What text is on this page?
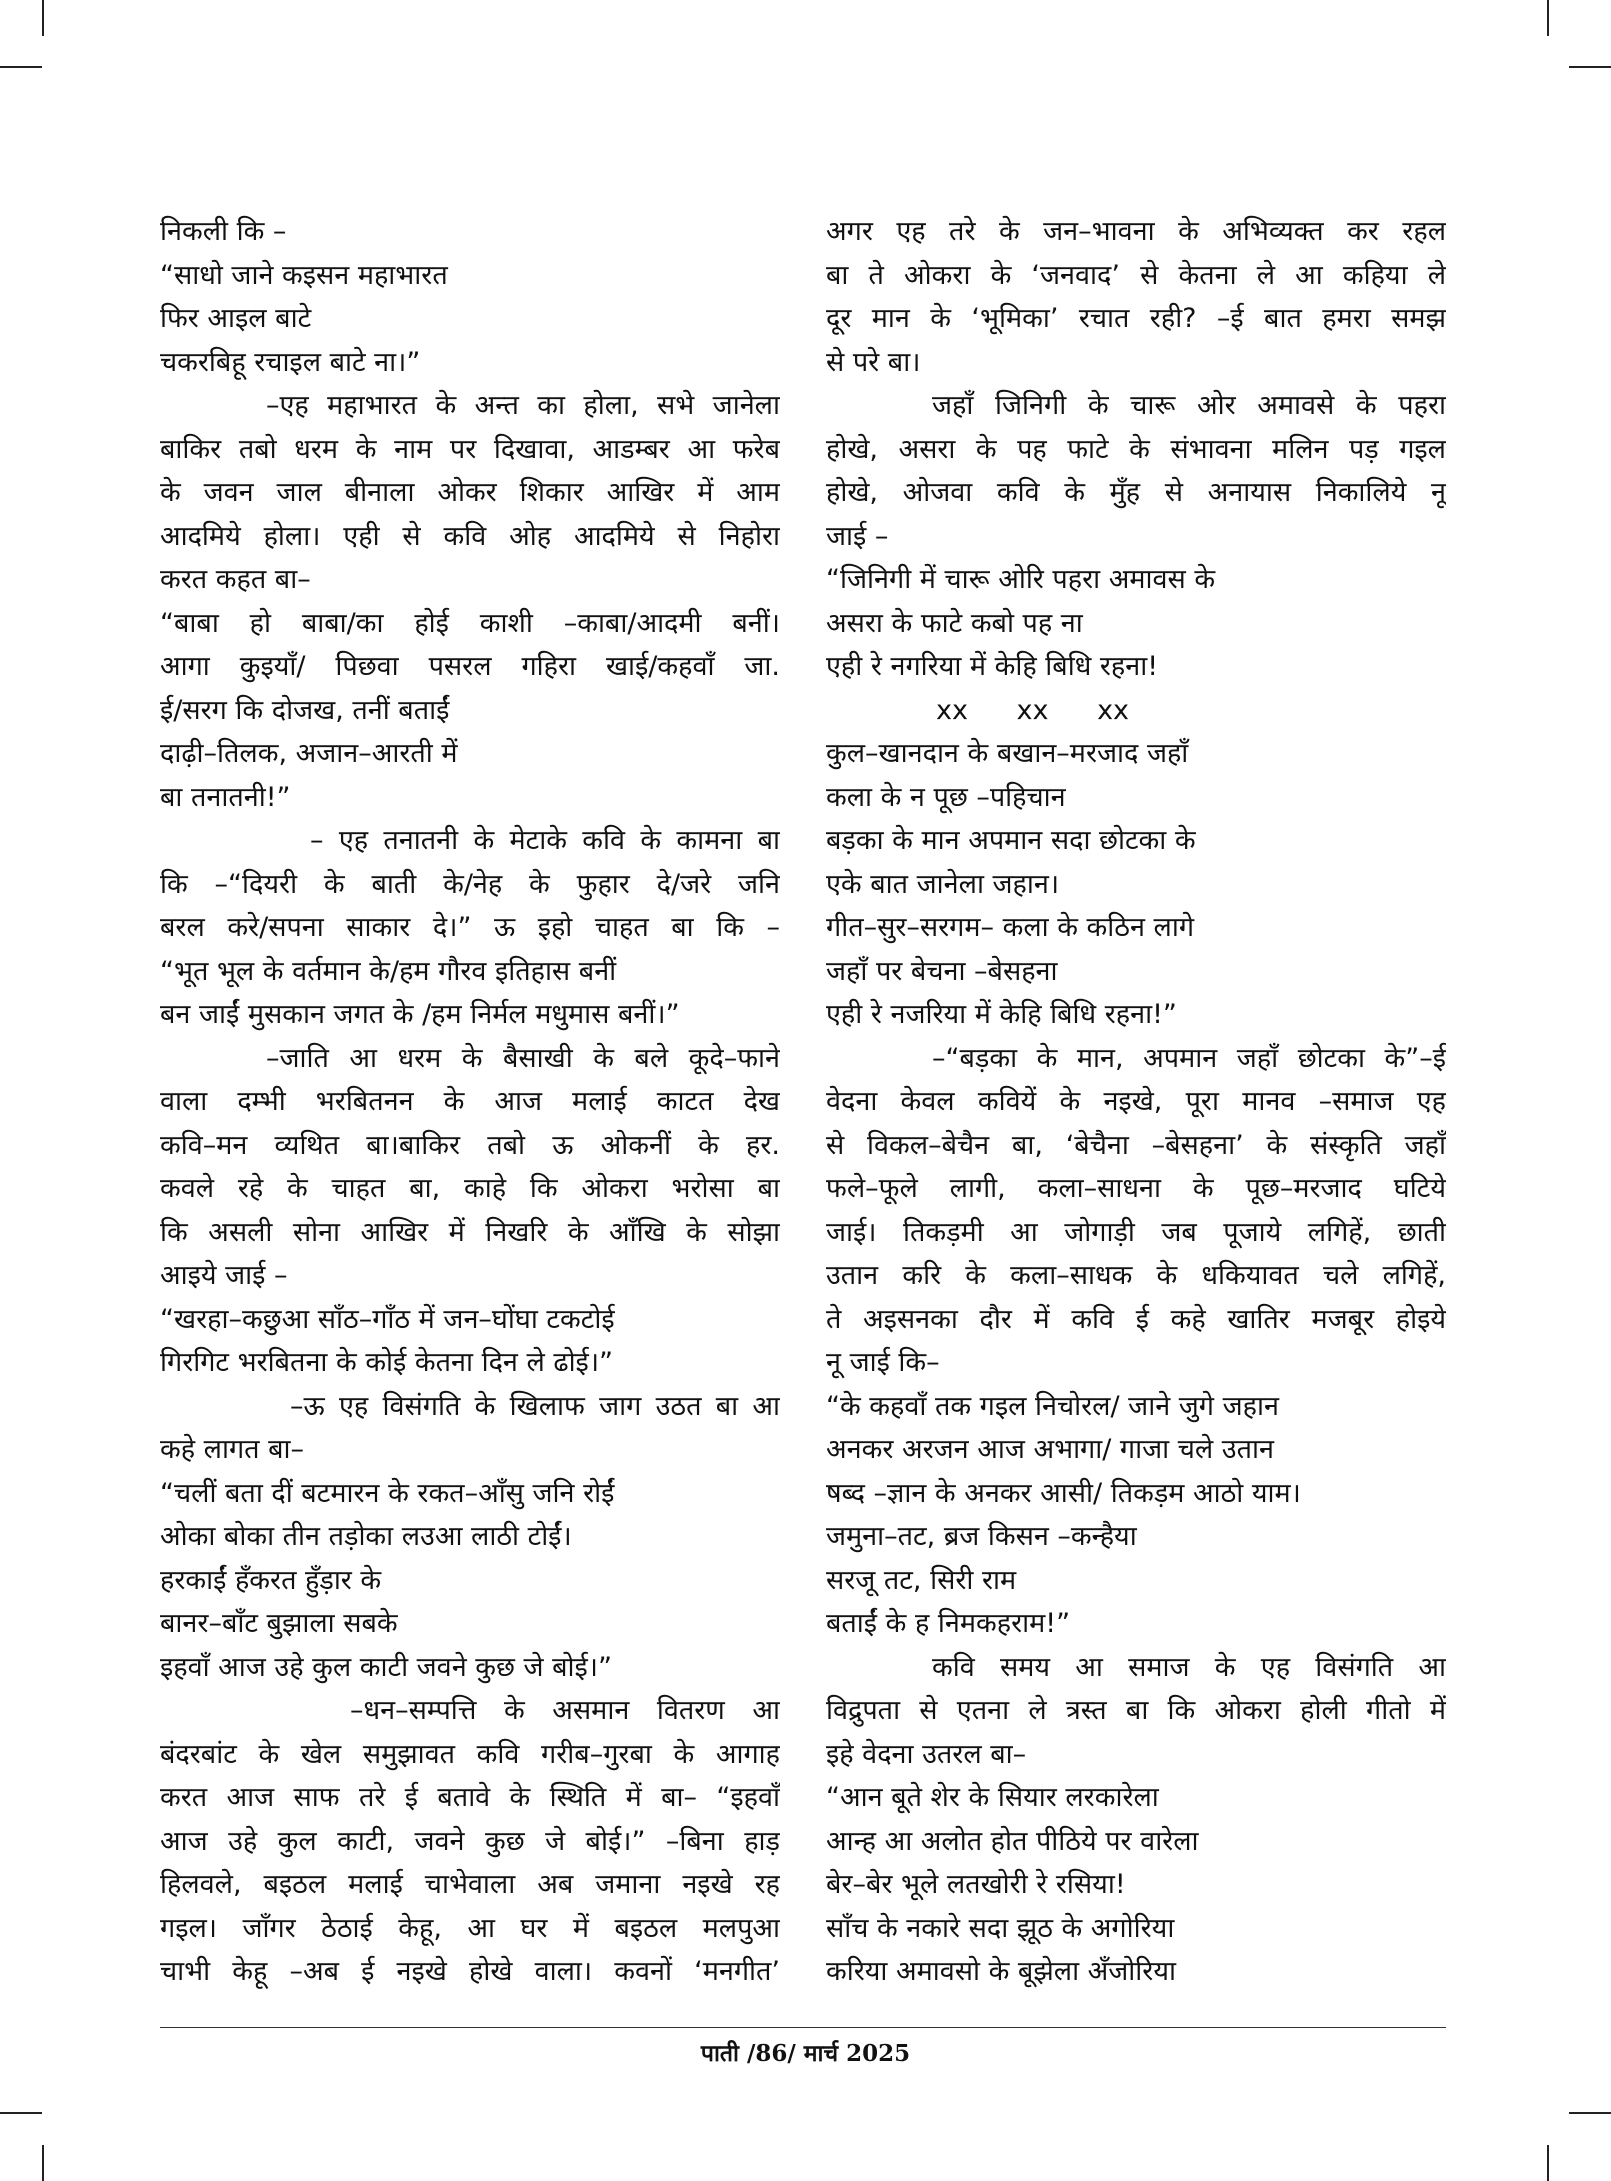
निकली कि –
“साधो जाने कइसन महाभारत
फिर आइल बाटे
चकरबिहू रचाइल बाटे ना।”
–एह महाभारत के अन्त का होला, सभे जानेला
बाकिर तबो धरम के नाम पर दिखावा, आडम्बर आ फरेब
के जवन जाल बीनाला ओकर शिकार आखिर में आम
आदमिये होला। एही से कवि ओह आदमिये से निहोरा
करत कहत बा–
“बाबा हो बाबा/का होई काशी –काबा/आदमी बनीं।
आगा कुइयाँ/ पिछवा पसरल गहिरा खाई/कहवाँ जा.
ई/सरग कि दोजख, तनीं बताईं
दाढ़ी–तिलक, अजान–आरती में
बा तनातनी!”
– एह तनातनी के मेटाके कवि के कामना बा
कि –“दियरी के बाती के/नेह के फुहार दे/जरे जनि
बरल करे/सपना साकार दे।” ऊ इहो चाहत बा कि –
“भूत भूल के वर्तमान के/हम गौरव इतिहास बनीं
बन जाईं मुसकान जगत के /हम निर्मल मधुमास बनीं।”
–जाति आ धरम के बैसाखी के बले कूदे–फाने
वाला दम्भी भरबितनन के आज मलाई काटत देख
कवि–मन व्यथित बा।बाकिर तबो ऊ ओकनीं के हर.
कवले रहे के चाहत बा, काहे कि ओकरा भरोसा बा
कि असली सोना आखिर में निखरि के आँखि के सोझा
आइये जाई –
“खरहा–कछुआ साँठ–गाँठ में जन–घोंघा टकटोई
गिरगिट भरबितना के कोई केतना दिन ले ढोई।”
–ऊ एह विसंगति के खिलाफ जाग उठत बा आ
कहे लागत बा–
“चलीं बता दीं बटमारन के रकत–आँसु जनि रोईं
ओका बोका तीन तड़ोका लउआ लाठी टोईं।
हरकाईं हँकरत हुँड़ार के
बानर–बाँट बुझाला सबके
इहवाँ आज उहे कुल काटी जवने कुछ जे बोई।”
–धन–सम्पत्ति के असमान वितरण आ
बंदरबांट के खेल समुझावत कवि गरीब–गुरबा के आगाह
करत आज साफ तरे ई बतावे के स्थिति में बा– “इहवाँ
आज उहे कुल काटी, जवने कुछ जे बोई।” –बिना हाड़
हिलवले, बइठल मलाई चाभेवाला अब जमाना नइखे रह
गइल। जाँगर ठेठाई केहू, आ घर में बइठल मलपुआ
चाभी केहू –अब ई नइखे होखे वाला। कवनों ‘मनगीत’
अगर एह तरे के जन–भावना के अभिव्यक्त कर रहल
बा ते ओकरा के ‘जनवाद’ से केतना ले आ कहिया ले
दूर मान के ‘भूमिका’ रचात रही? –ई बात हमरा समझ
से परे बा।
जहाँ जिनिगी के चारू ओर अमावसे के पहरा
होखे, असरा के पह फाटे के संभावना मलिन पड़ गइल
होखे, ओजवा कवि के मुँह से अनायास निकालिये नू
जाई –
“जिनिगी में चारू ओरि पहरा अमावस के
असरा के फाटे कबो पह ना
एही रे नगरिया में केहि बिधि रहना!
xx xx xx
कुल–खानदान के बखान–मरजाद जहाँ
कला के न पूछ –पहिचान
बड़का के मान अपमान सदा छोटका के
एके बात जानेला जहान।
गीत–सुर–सरगम– कला के कठिन लागे
जहाँ पर बेचना –बेसहना
एही रे नजरिया में केहि बिधि रहना!”
–“बड़का के मान, अपमान जहाँ छोटका के”–ई
वेदना केवल कवियें के नइखे, पूरा मानव –समाज एह
से विकल–बेचैन बा, ‘बेचैना –बेसहना’ के संस्कृति जहाँ
फले–फूले लागी, कला–साधना के पूछ–मरजाद घटिये
जाई। तिकड़मी आ जोगाड़ी जब पूजाये लगिहें, छाती
उतान करि के कला–साधक के धकियावत चले लगिहें,
ते अइसनका दौर में कवि ई कहे खातिर मजबूर होइये
नू जाई कि–
“के कहवाँ तक गइल निचोरल/ जाने जुगे जहान
अनकर अरजन आज अभागा/ गाजा चले उतान
षब्द –ज्ञान के अनकर आसी/ तिकड़म आठो याम।
जमुना–तट, ब्रज किसन –कन्हैया
सरजू तट, सिरी राम
बताईं के ह निमकहराम!”
कवि समय आ समाज के एह विसंगति आ
विद्रुपता से एतना ले त्रस्त बा कि ओकरा होली गीतो में
इहे वेदना उतरल बा–
“आन बूते शेर के सियार लरकारेला
आन्ह आ अलोत होत पीठिये पर वारेला
बेर–बेर भूले लतखोरी रे रसिया!
साँच के नकारे सदा झूठ के अगोरिया
करिया अमावसो के बूझेला अँजोरिया
पाती /86/ मार्च 2025
